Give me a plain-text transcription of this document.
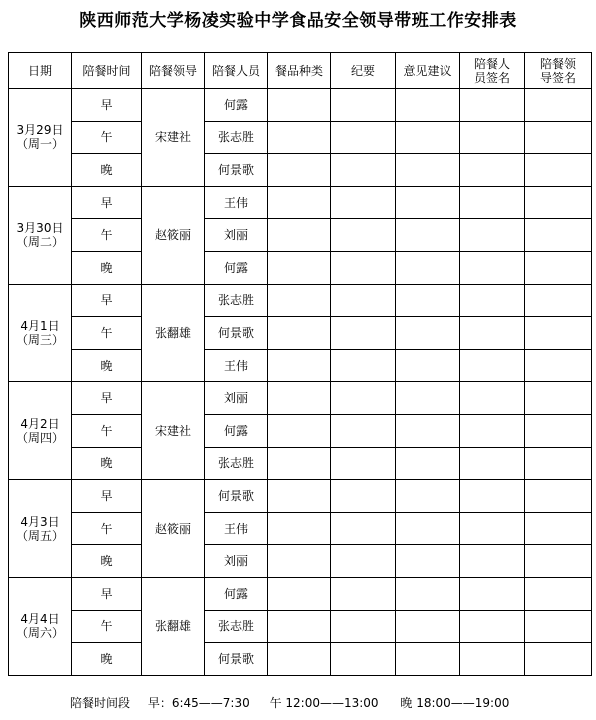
陕西师范大学杨凌实验中学食品安全领导带班工作安排表
日期	陪餐时间	陪餐领导	陪餐人员	餐品种类	纪要	意见建议	陪餐人员签名	陪餐领导签名

3月29日
（周一）	早	宋建社	何露					
	午		张志胜					
	晚		何景歌					

3月30日
（周二）	早	赵筱丽	王伟					
	午		刘丽					
	晚		何露					

4月1日
（周三）	早	张翻雄	张志胜					
	午		何景歌					
	晚		王伟					

4月2日
（周四）	早	宋建社	刘丽					
	午		何露					
	晚		张志胜					

4月3日
（周五）	早	赵筱丽	何景歌					
	午		王伟					
	晚		刘丽					

4月4日
（周六）	早	张翻雄	何露					
	午		张志胜					
	晚		何景歌					
陪餐时间段 早：6:45——7:30 午 12:00——13:00 晚 18:00——19:00
